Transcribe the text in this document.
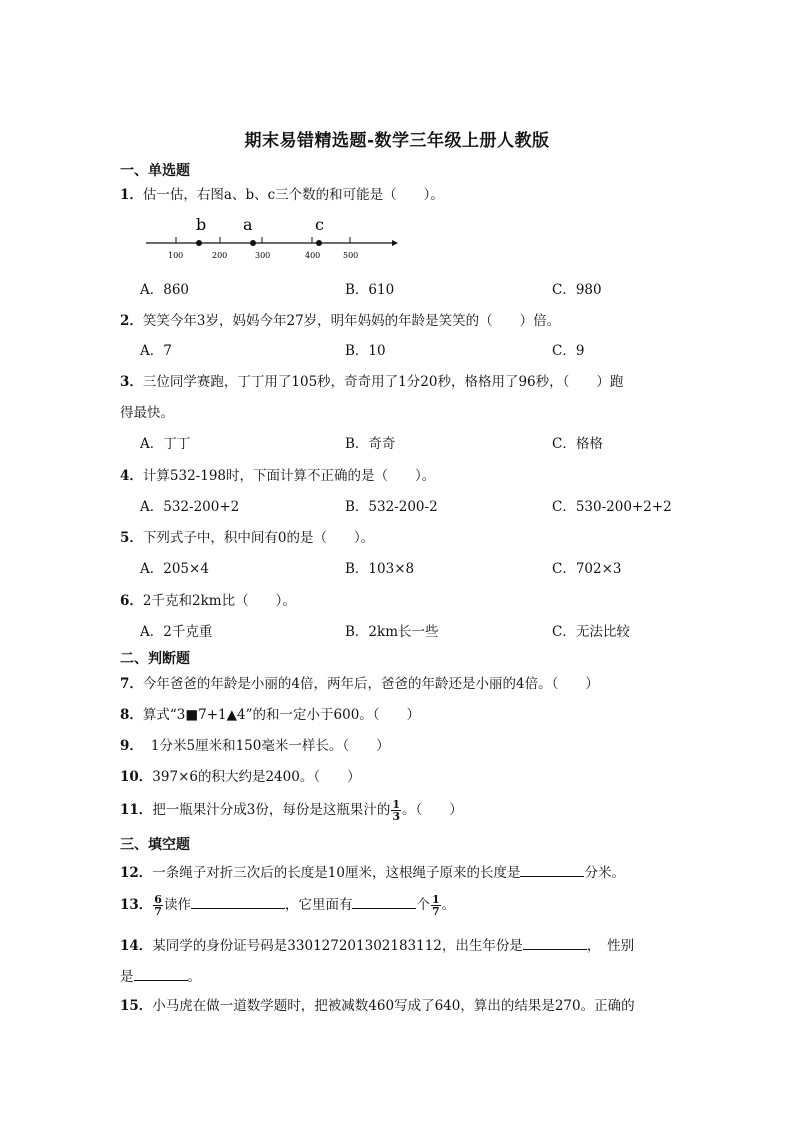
期末易错精选题-数学三年级上册人教版
一、单选题
1．估一估，右图a、b、c三个数的和可能是（　　）。
b a	c
100	200	300	400	500
A．860	B．610	C．980
2．笑笑今年3岁，妈妈今年27岁，明年妈妈的年龄是笑笑的（　　）倍。
A．7	B．10	C．9
3．三位同学赛跑，丁丁用了105秒，奇奇用了1分20秒，格格用了96秒，（　　）跑
得最快。
A．丁丁	B．奇奇	C．格格
4．计算532-198时，下面计算不正确的是（　　）。
A．532-200+2	B．532-200-2	C．530-200+2+2
5．下列式子中，积中间有0的是（　　）。
A．205×4	B．103×8	C．702×3
6．2千克和2km比（　　）。
A．2千克重	B．2km长一些	C．无法比较
二、判断题
7．今年爸爸的年龄是小丽的4倍，两年后，爸爸的年龄还是小丽的4倍。（　　）
8．算式“3■7+1▲4”的和一定小于600。（　　）
9． 1分米5厘米和150毫米一样长。（　　）
10．397×6的积大约是2400。（　　）
11．把一瓶果汁分成3份，每份是这瓶果汁的 $\frac{1}{3}$ 。（　　）
三、填空题
12．一条绳子对折三次后的长度是10厘米，这根绳子原来的长度是	分米。
13． $\frac{6}{7}$ 读作	，它里面有	个 $\frac{1}{7}$ 。
14．某同学的身份证号码是330127201302183112，出生年份是	，　性别
是	。
15．小马虎在做一道数学题时，把被减数460写成了640，算出的结果是270。正确的
